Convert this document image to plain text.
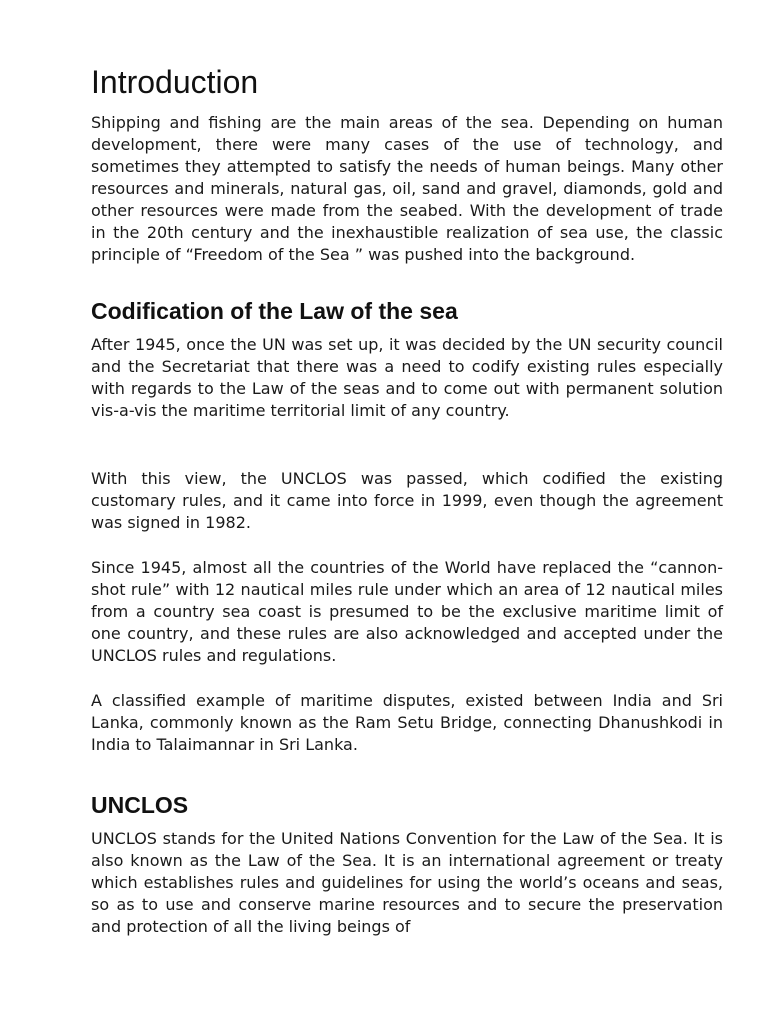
Introduction

Shipping and fishing are the main areas of the sea. Depending on human development, there were many cases of the use of technology, and sometimes they attempted to satisfy the needs of human beings. Many other resources and minerals, natural gas, oil, sand and gravel, diamonds, gold and other resources were made from the seabed. With the development of trade in the 20th century and the inexhaustible realization of sea use, the classic principle of “Freedom of the Sea ” was pushed into the background.

Codification of the Law of the sea

After 1945, once the UN was set up, it was decided by the UN security council and the Secretariat that there was a need to codify existing rules especially with regards to the Law of the seas and to come out with permanent solution vis-a-vis the maritime territorial limit of any country.

With this view, the UNCLOS was passed, which codified the existing customary rules, and it came into force in 1999, even though the agreement was signed in 1982.

Since 1945, almost all the countries of the World have replaced the “cannon-shot rule” with 12 nautical miles rule under which an area of 12 nautical miles from a country sea coast is presumed to be the exclusive maritime limit of one country, and these rules are also acknowledged and accepted under the UNCLOS rules and regulations.

A classified example of maritime disputes, existed between India and Sri Lanka, commonly known as the Ram Setu Bridge, connecting Dhanushkodi in India to Talaimannar in Sri Lanka.

UNCLOS

UNCLOS stands for the United Nations Convention for the Law of the Sea. It is also known as the Law of the Sea. It is an international agreement or treaty which establishes rules and guidelines for using the world’s oceans and seas, so as to use and conserve marine resources and to secure the preservation and protection of all the living beings of
